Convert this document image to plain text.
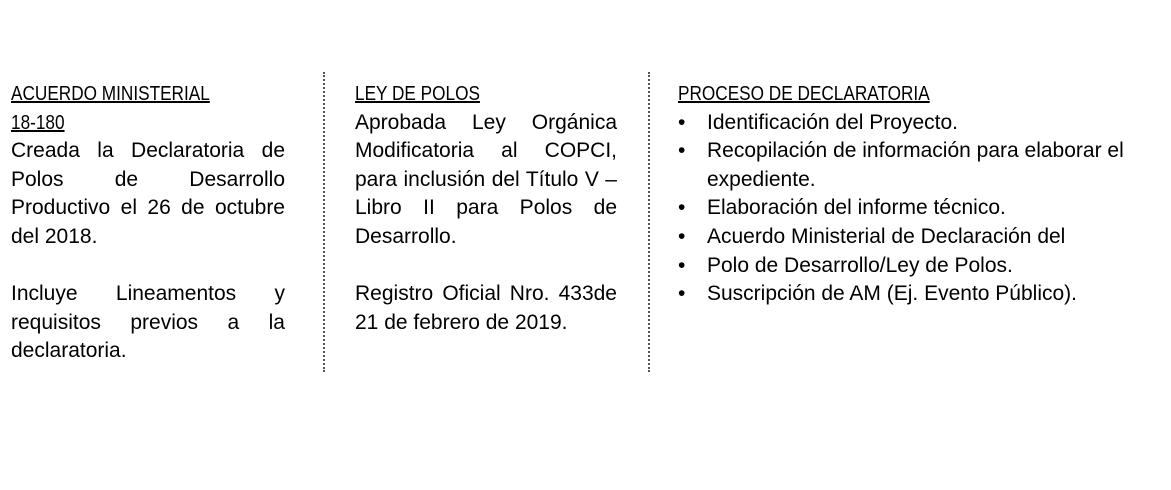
ACUERDO MINISTERIAL
18-180

Creada la Declaratoria de Polos de Desarrollo Productivo el 26 de octubre del 2018.

Incluye Lineamentos y requisitos previos a la declaratoria.

LEY DE POLOS

Aprobada Ley Orgánica Modificatoria al COPCI, para inclusión del Título V – Libro II para Polos de Desarrollo.

Registro Oficial Nro. 433de 21 de febrero de 2019.

PROCESO DE DECLARATORIA
• Identificación del Proyecto.
• Recopilación de información para elaborar el  expediente.
• Elaboración del informe técnico.
• Acuerdo Ministerial de Declaración del
• Polo de Desarrollo/Ley de Polos.
• Suscripción de AM (Ej. Evento Público).
